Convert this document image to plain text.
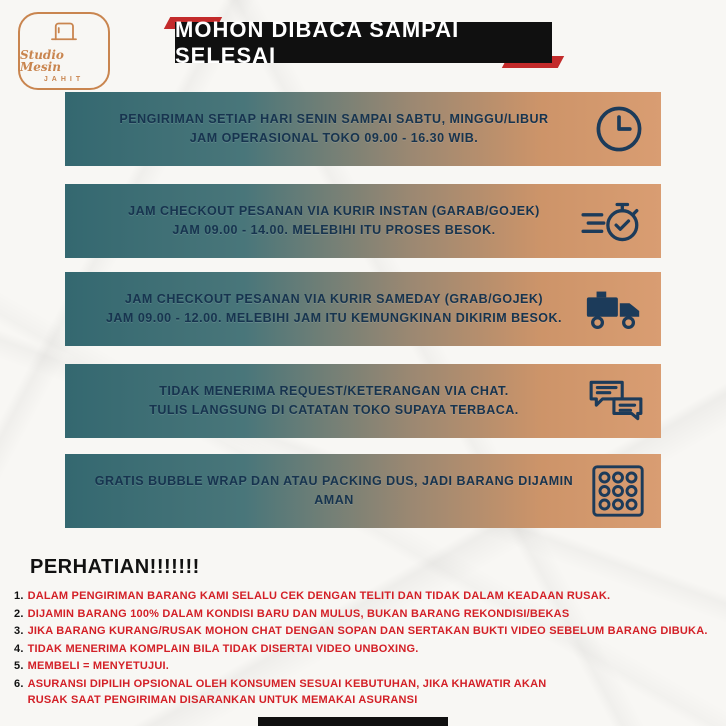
Studio Mesin
JAHIT
MOHON DIBACA SAMPAI SELESAI
PENGIRIMAN SETIAP HARI SENIN SAMPAI SABTU, MINGGU/LIBUR
JAM OPERASIONAL TOKO 09.00 - 16.30 WIB.
JAM CHECKOUT PESANAN VIA KURIR INSTAN (GARAB/GOJEK)
JAM 09.00 - 14.00. MELEBIHI ITU PROSES BESOK.
JAM CHECKOUT PESANAN VIA KURIR SAMEDAY (GRAB/GOJEK)
JAM 09.00 - 12.00. MELEBIHI JAM ITU KEMUNGKINAN DIKIRIM BESOK.
TIDAK MENERIMA REQUEST/KETERANGAN VIA CHAT.
TULIS LANGSUNG DI CATATAN TOKO SUPAYA TERBACA.
GRATIS BUBBLE WRAP DAN ATAU PACKING DUS, JADI BARANG DIJAMIN AMAN
PERHATIAN!!!!!!!
1. DALAM PENGIRIMAN BARANG KAMI SELALU CEK DENGAN TELITI DAN TIDAK DALAM KEADAAN RUSAK.
2. DIJAMIN BARANG 100% DALAM KONDISI BARU DAN MULUS, BUKAN BARANG REKONDISI/BEKAS
3. JIKA BARANG KURANG/RUSAK MOHON CHAT DENGAN SOPAN DAN SERTAKAN BUKTI VIDEO SEBELUM BARANG DIBUKA.
4. TIDAK MENERIMA KOMPLAIN BILA TIDAK DISERTAI VIDEO UNBOXING.
5. MEMBELI = MENYETUJUI.
6. ASURANSI DIPILIH OPSIONAL OLEH KONSUMEN SESUAI KEBUTUHAN, JIKA KHAWATIR AKAN RUSAK SAAT PENGIRIMAN DISARANKAN UNTUK MEMAKAI ASURANSI
